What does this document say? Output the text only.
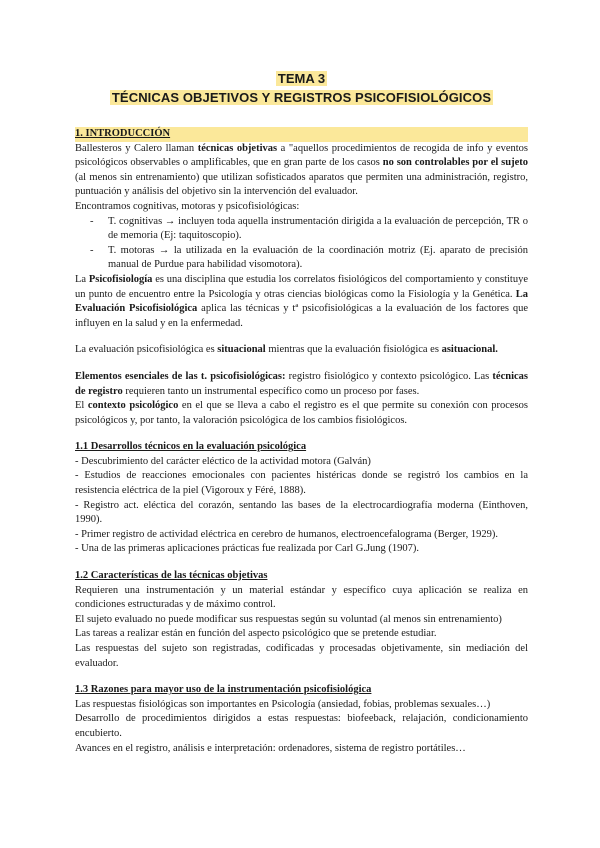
TEMA 3
TÉCNICAS OBJETIVOS Y REGISTROS PSICOFISIOLÓGICOS
1. INTRODUCCIÓN

Ballesteros y Calero llaman técnicas objetivas a "aquellos procedimientos de recogida de info y eventos psicológicos observables o amplificables, que en gran parte de los casos no son controlables por el sujeto (al menos sin entrenamiento) que utilizan sofisticados aparatos que permiten una administración, registro, puntuación y análisis del objetivo sin la intervención del evaluador.

Encontramos cognitivas, motoras y psicofisiológicas:

- T. cognitivas → incluyen toda aquella instrumentación dirigida a la evaluación de percepción, TR o de memoria (Ej: taquitoscopio).
- T. motoras → la utilizada en la evaluación de la coordinación motriz (Ej. aparato de precisión manual de Purdue para habilidad visomotora).

La Psicofisiología es una disciplina que estudia los correlatos fisiológicos del comportamiento y constituye un punto de encuentro entre la Psicología y otras ciencias biológicas como la Fisiología y la Genética. La Evaluación Psicofisiológica aplica las técnicas y tª psicofisiológicas a la evaluación de los factores que influyen en la salud y en la enfermedad.

La evaluación psicofisiológica es situacional mientras que la evaluación fisiológica es asituacional.

Elementos esenciales de las t. psicofisiológicas: registro fisiológico y contexto psicológico. Las técnicas de registro requieren tanto un instrumental específico como un proceso por fases.

El contexto psicológico en el que se lleva a cabo el registro es el que permite su conexión con procesos psicológicos y, por tanto, la valoración psicológica de los cambios fisiológicos.

1.1 Desarrollos técnicos en la evaluación psicológica

- Descubrimiento del carácter eléctico de la actividad motora (Galván)

- Estudios de reacciones emocionales con pacientes histéricas donde se registró los cambios en la resistencia eléctrica de la piel (Vigoroux y Féré, 1888).

- Registro act. eléctica del corazón, sentando las bases de la electrocardiografía moderna (Einthoven, 1990).

- Primer registro de actividad eléctrica en cerebro de humanos, electroencefalograma (Berger, 1929).

- Una de las primeras aplicaciones prácticas fue realizada por Carl G.Jung (1907).

1.2 Características de las técnicas objetivas

Requieren una instrumentación y un material estándar y específico cuya aplicación se realiza en condiciones estructuradas y de máximo control.

El sujeto evaluado no puede modificar sus respuestas según su voluntad (al menos sin entrenamiento)

Las tareas a realizar están en función del aspecto psicológico que se pretende estudiar.

Las respuestas del sujeto son registradas, codificadas y procesadas objetivamente, sin mediación del evaluador.

1.3 Razones para mayor uso de la instrumentación psicofisiológica

Las respuestas fisiológicas son importantes en Psicología (ansiedad, fobias, problemas sexuales…)

Desarrollo de procedimientos dirigidos a estas respuestas: biofeeback, relajación, condicionamiento encubierto.

Avances en el registro, análisis e interpretación: ordenadores, sistema de registro portátiles…
